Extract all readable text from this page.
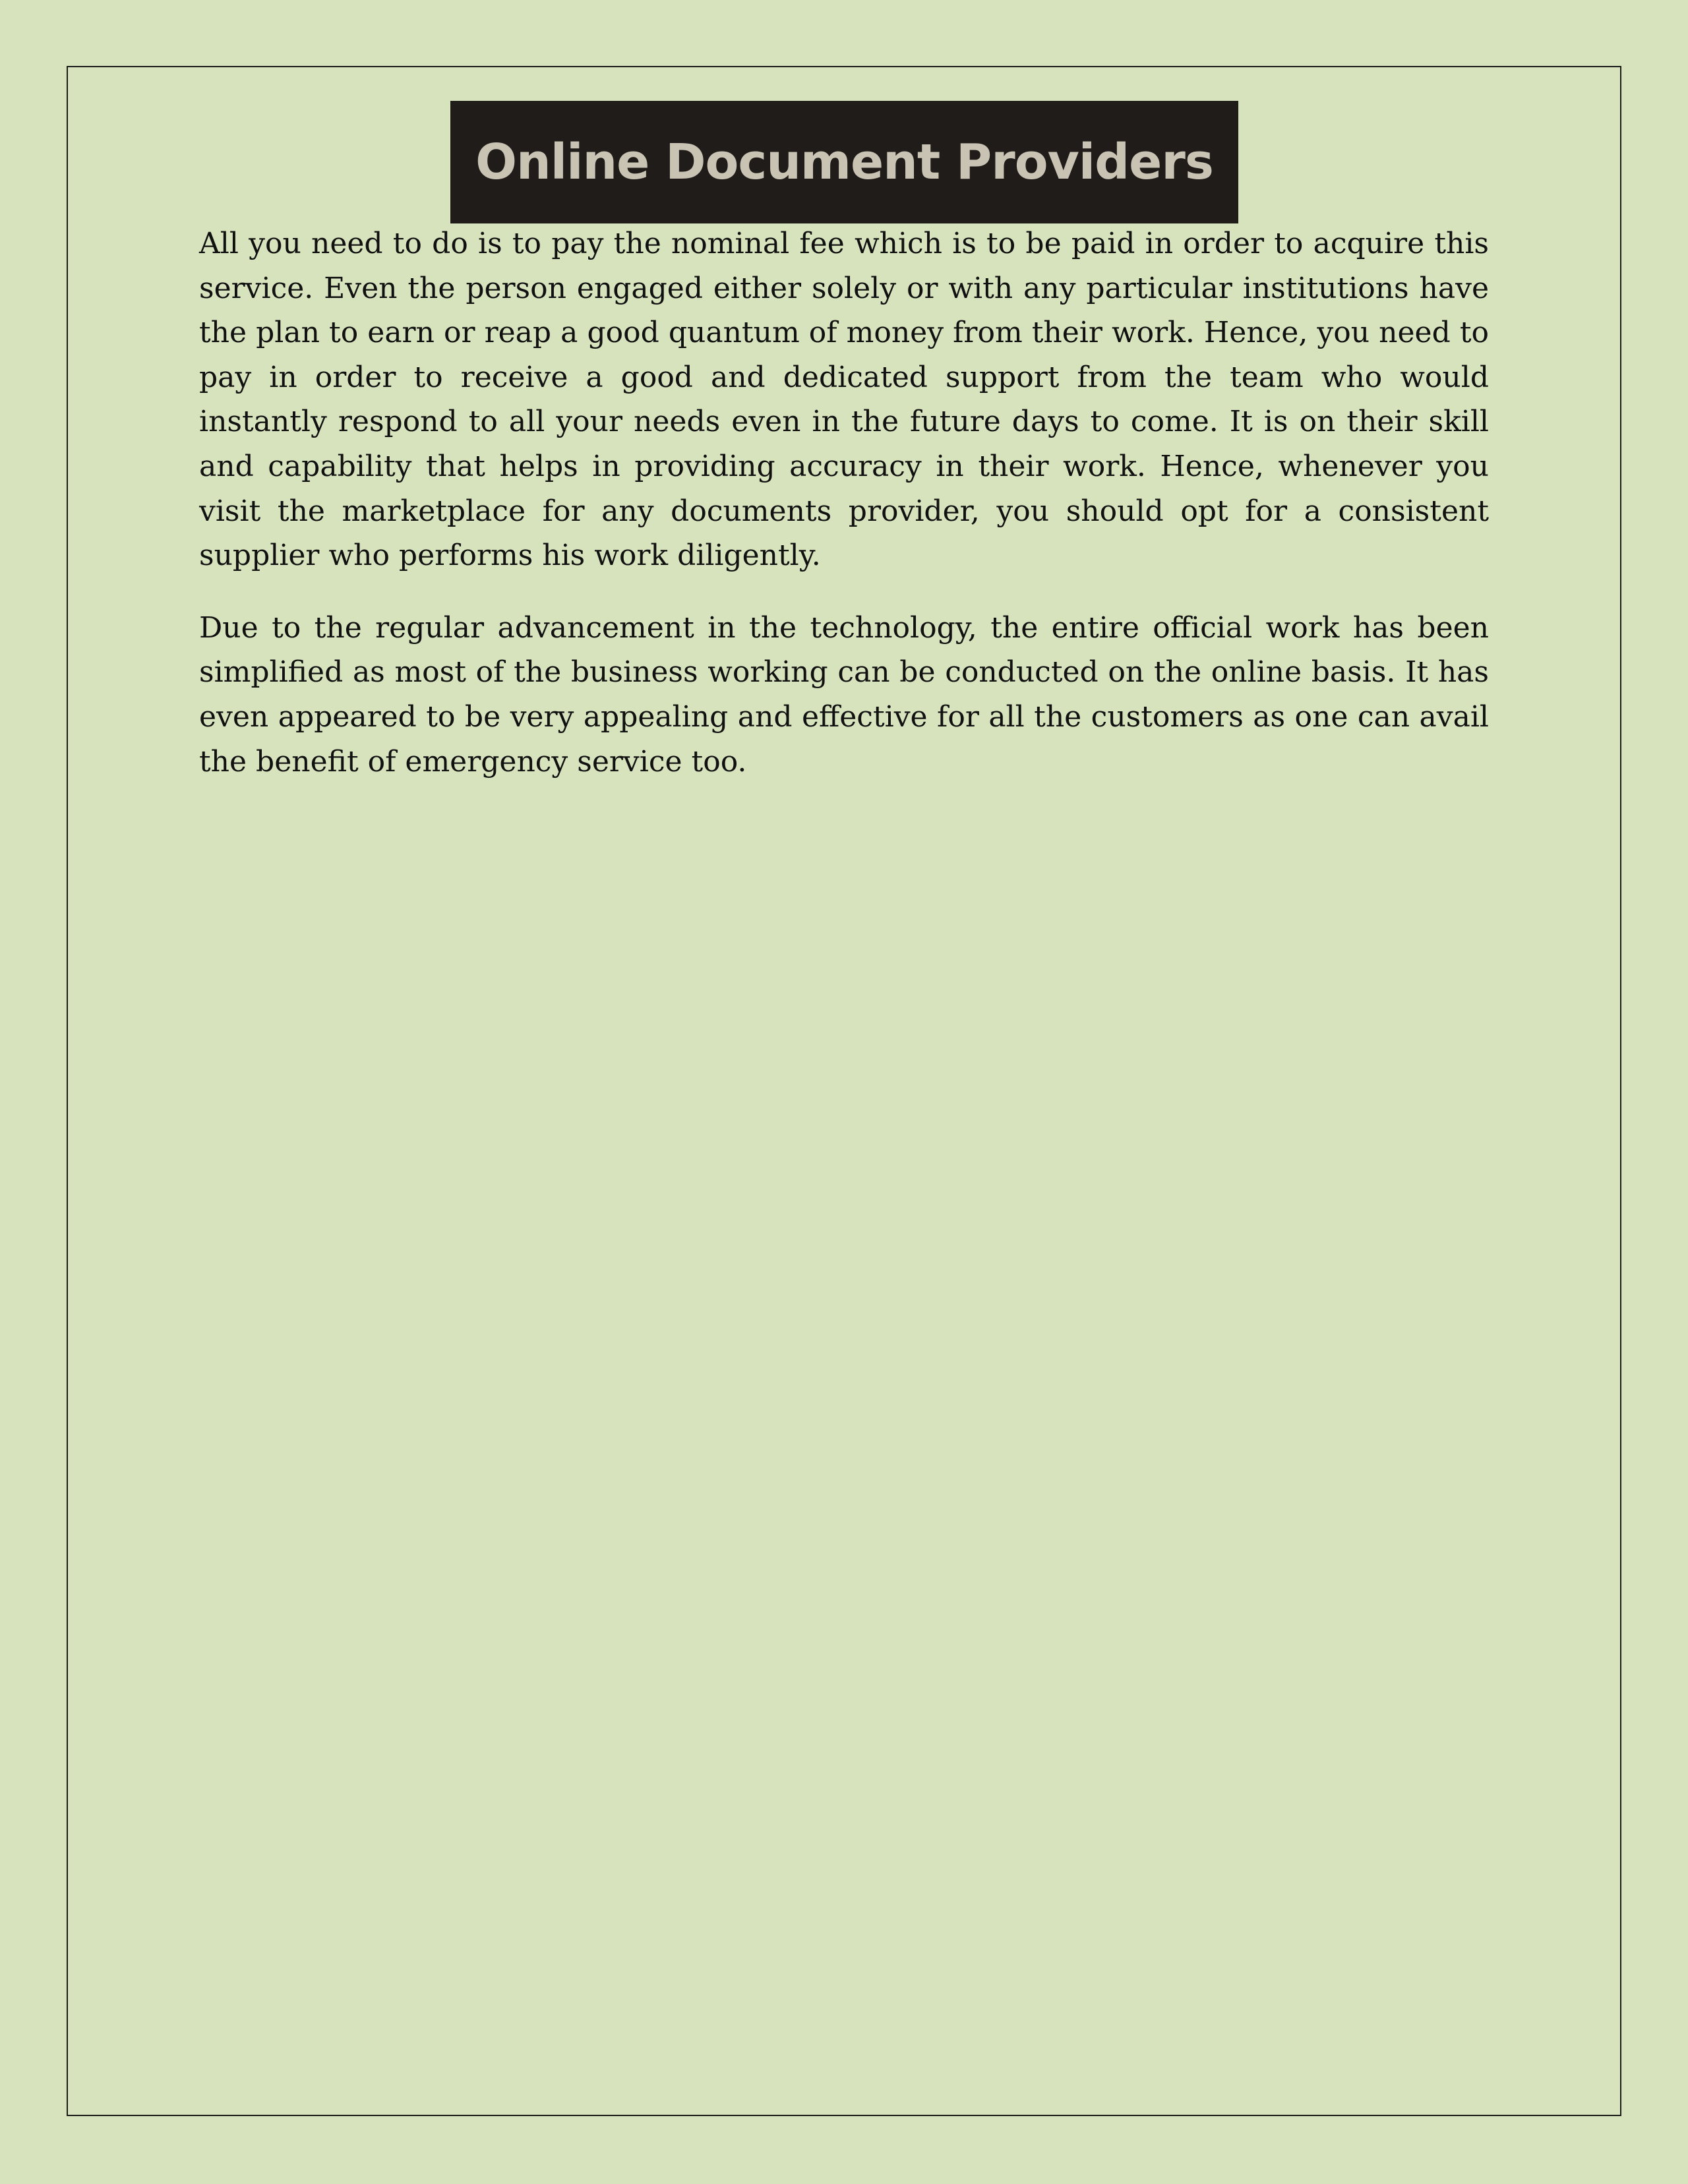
Online Document Providers

All you need to do is to pay the nominal fee which is to be paid in order to acquire this service. Even the person engaged either solely or with any particular institutions have the plan to earn or reap a good quantum of money from their work. Hence, you need to pay in order to receive a good and dedicated support from the team who would instantly respond to all your needs even in the future days to come. It is on their skill and capability that helps in providing accuracy in their work. Hence, whenever you visit the marketplace for any documents provider, you should opt for a consistent supplier who performs his work diligently.

Due to the regular advancement in the technology, the entire official work has been simplified as most of the business working can be conducted on the online basis. It has even appeared to be very appealing and effective for all the customers as one can avail the benefit of emergency service too.
